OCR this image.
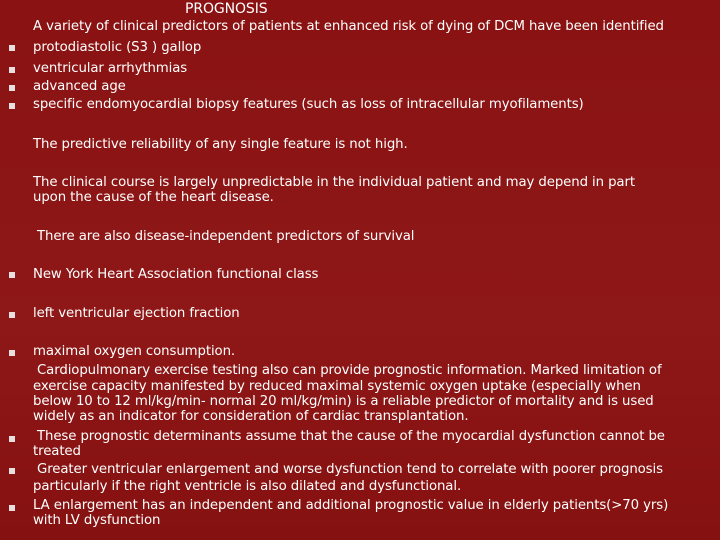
PROGNOSIS
A variety of clinical predictors of patients at enhanced risk of dying of DCM have been identified
protodiastolic (S3 ) gallop
ventricular arrhythmias
advanced age
specific endomyocardial biopsy features (such as loss of intracellular myofilaments)
The predictive reliability of any single feature is not high.
The clinical course is largely unpredictable in the individual patient and may depend in part
upon the cause of the heart disease.
There are also disease-independent predictors of survival
New York Heart Association functional class
left ventricular ejection fraction
maximal oxygen consumption.
Cardiopulmonary exercise testing also can provide prognostic information. Marked limitation of
exercise capacity manifested by reduced maximal systemic oxygen uptake (especially when
below 10 to 12 ml/kg/min- normal 20 ml/kg/min) is a reliable predictor of mortality and is used
widely as an indicator for consideration of cardiac transplantation.
These prognostic determinants assume that the cause of the myocardial dysfunction cannot be
treated
Greater ventricular enlargement and worse dysfunction tend to correlate with poorer prognosis
particularly if the right ventricle is also dilated and dysfunctional.
LA enlargement has an independent and additional prognostic value in elderly patients(>70 yrs)
with LV dysfunction
